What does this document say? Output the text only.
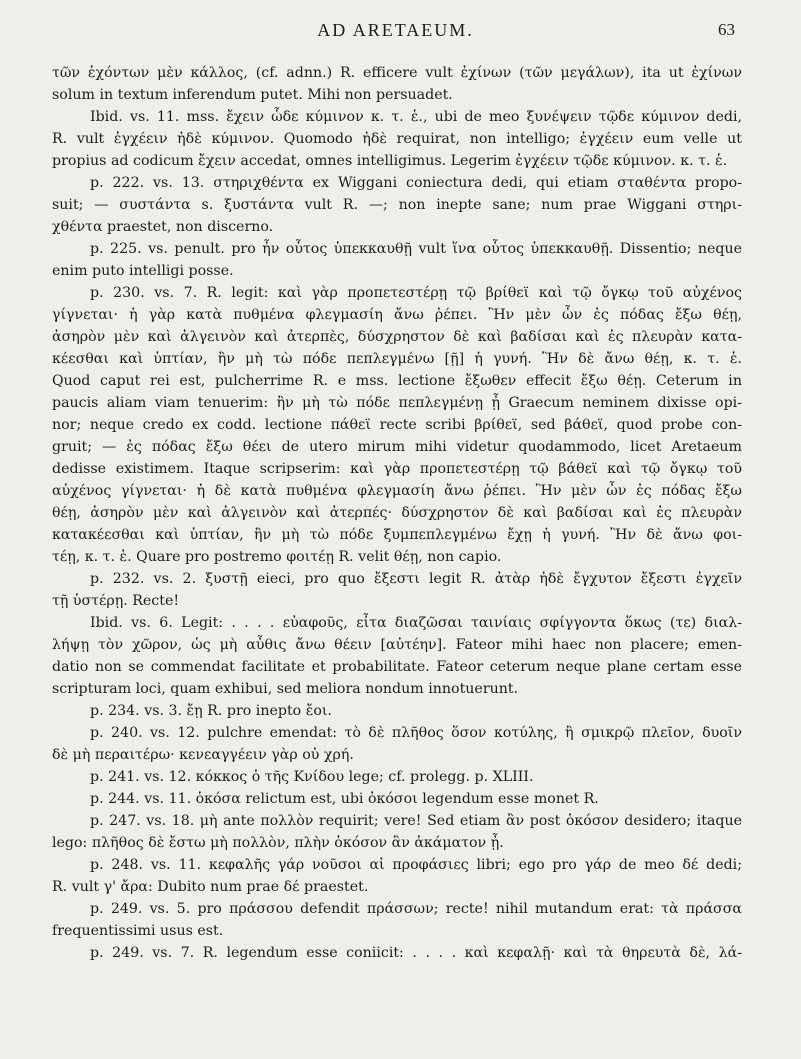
AD ARETAEUM.	63
τῶν ἐχόντων μὲν κάλλος, (cf. adnn.) R. efficere vult ἐχίνων (τῶν μεγάλων), ita ut ἐχίνων
solum in textum inferendum putet. Mihi non persuadet.
Ibid. vs. 11. mss. ἔχειν ὧδε κύμινον κ. τ. ἑ., ubi de meo ξυνέψειν τῷδε κύμινον dedi,
R. vult ἐγχέειν ἠδὲ κύμινον. Quomodo ἠδὲ requirat, non intelligo; ἐγχέειν eum velle ut
propius ad codicum ἔχειν accedat, omnes intelligimus. Legerim ἐγχέειν τῷδε κύμινον. κ. τ. ἑ.
p. 222. vs. 13. στηριχθέντα ex Wiggani coniectura dedi, qui etiam σταθέντα propo-
suit; — συστάντα s. ξυστάντα vult R. —; non inepte sane; num prae Wiggani στηρι-
χθέντα praestet, non discerno.
p. 225. vs. penult. pro ἦν οὗτος ὑπεκκαυθῇ vult ἵνα οὗτος ὑπεκκαυθῇ. Dissentio; neque
enim puto intelligi posse.
p. 230. vs. 7. R. legit: καὶ γὰρ προπετεστέρῃ τῷ βρίθεϊ καὶ τῷ ὄγκῳ τοῦ αὐχένος
γίγνεται· ἡ γὰρ κατὰ πυθμένα φλεγμασίη ἄνω ῥέπει. Ἢν μὲν ὦν ἐς πόδας ἔξω θέῃ,
ἀσηρὸν μὲν καὶ ἀλγεινὸν καὶ ἀτερπὲς, δύσχρηστον δὲ καὶ βαδίσαι καὶ ἐς πλευρὰν κατα-
κέεσθαι καὶ ὑπτίαν, ἢν μὴ τὼ πόδε πεπλεγμένω [ῇ] ἡ γυνή. Ἢν δὲ ἄνω θέῃ, κ. τ. ἑ.
Quod caput rei est, pulcherrime R. e mss. lectione ἔξωθεν effecit ἔξω θέῃ. Ceterum in
paucis aliam viam tenuerim: ἢν μὴ τὼ πόδε πεπλεγμένῃ ᾖ Graecum neminem dixisse opi-
nor; neque credo ex codd. lectione πάθεϊ recte scribi βρίθεϊ, sed βάθεϊ, quod probe con-
gruit; — ἐς πόδας ἔξω θέει de utero mirum mihi videtur quodammodo, licet Aretaeum
dedisse existimem. Itaque scripserim: καὶ γὰρ προπετεστέρῃ τῷ βάθεϊ καὶ τῷ ὄγκῳ τοῦ
αὐχένος γίγνεται· ἡ δὲ κατὰ πυθμένα φλεγμασίη ἄνω ῥέπει. Ἢν μὲν ὦν ἐς πόδας ἔξω
θέῃ, ἀσηρὸν μὲν καὶ ἀλγεινὸν καὶ ἀτερπές· δύσχρηστον δὲ καὶ βαδίσαι καὶ ἐς πλευρὰν
κατακέεσθαι καὶ ὑπτίαν, ἢν μὴ τὼ πόδε ξυμπεπλεγμένω ἔχῃ ἡ γυνή. Ἢν δὲ ἄνω φοι-
τέῃ, κ. τ. ἑ. Quare pro postremo φοιτέῃ R. velit θέῃ, non capio.
p. 232. vs. 2. ξυστῇ eieci, pro quo ἔξεστι legit R. ἀτὰρ ἠδὲ ἔγχυτον ἔξεστι ἐγχεῖν
τῇ ὑστέρῃ. Recte!
Ibid. vs. 6. Legit: . . . . εὐαφοῦς, εἶτα διαζῶσαι ταινίαις σφίγγοντα ὅκως (τε) διαλ-
λήψῃ τὸν χῶρον, ὡς μὴ αὖθις ἄνω θέειν [αὐτέην]. Fateor mihi haec non placere; emen-
datio non se commendat facilitate et probabilitate. Fateor ceterum neque plane certam esse
scripturam loci, quam exhibui, sed meliora nondum innotuerunt.
p. 234. vs. 3. ἔῃ R. pro inepto ἔοι.
p. 240. vs. 12. pulchre emendat: τὸ δὲ πλῆθος ὅσον κοτύλης, ἢ σμικρῷ πλεῖον, δυοῖν
δὲ μὴ περαιτέρω· κενεαγγέειν γὰρ οὐ χρή.
p. 241. vs. 12. κόκκος ὁ τῆς Κνίδου lege; cf. prolegg. p. XLIII.
p. 244. vs. 11. ὁκόσα relictum est, ubi ὁκόσοι legendum esse monet R.
p. 247. vs. 18. μὴ ante πολλὸν requirit; vere! Sed etiam ἂν post ὁκόσον desidero; itaque
lego: πλῆθος δὲ ἔστω μὴ πολλὸν, πλὴν ὁκόσον ἂν ἀκάματον ᾖ.
p. 248. vs. 11. κεφαλῆς γάρ νοῦσοι αἱ προφάσιες libri; ego pro γάρ de meo δέ dedi;
R. vult γ' ἄρα: Dubito num prae δέ praestet.
p. 249. vs. 5. pro πράσσου defendit πράσσων; recte! nihil mutandum erat: τὰ πράσσα
frequentissimi usus est.
p. 249. vs. 7. R. legendum esse coniicit: . . . . καὶ κεφαλῇ· καὶ τὰ θηρευτὰ δὲ, λά-
